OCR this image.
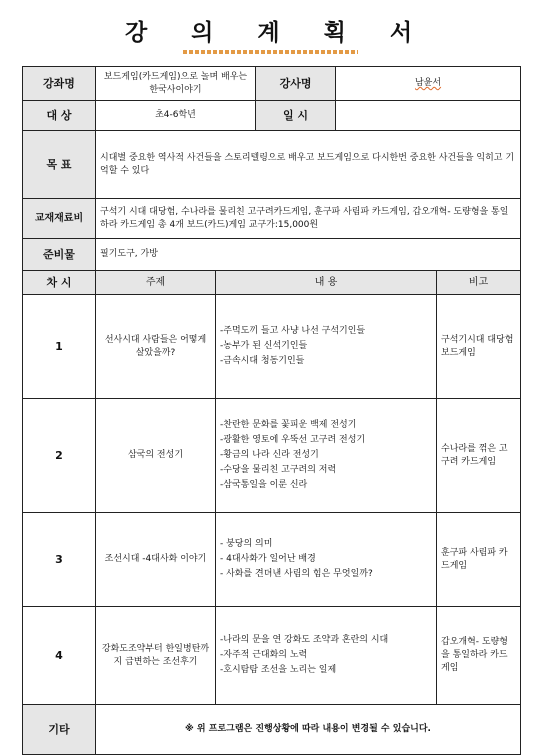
강 의 계 획 서
강좌명	보드게임(카드게임)으로 놀며 배우는 한국사이야기		강사명	남윤서	
대 상	초4-6학년		일 시		
목 표	시대별 중요한 역사적 사건들을 스토리텔링으로 배우고 보드게임으로 다시한번 중요한 사건들을 익히고 기억할 수 있다				
교재재료비	구석기 시대 대당험, 수나라를 물리친 고구려카드게임, 훈구파 사림파 카드게임, 갑오개혁- 도량형을 통일하라 카드게임 총 4개 보드(카드)게임 교구가:15,000원				
준비물	필기도구, 가방				
차 시	주제	내 용			비고
1	선사시대 사람들은 어떻게 살았을까?	-주먹도끼 들고 사냥 나선 구석기인들
-농부가 된 신석기인들
-금속시대 청동기인들			구석기시대 대당험 보드게임
2	삼국의 전성기	-찬란한 문화를 꽃피운 백제 전성기
-광활한 영토에 우뚝선 고구려 전성기
-황금의 나라 신라 전성기
-수당을 물리친 고구려의 저력
-삼국통일을 이룬 신라			수나라를 꺾은 고구려 카드게임
3	조선시대 -4대사화 이야기	- 붕당의 의미
- 4대사화가 일어난 배경
- 사화를 견뎌낸 사림의 힘은 무엇일까?			훈구파 사림파 카드게임
4	강화도조약부터 한일병탄까지 급변하는 조선후기	-나라의 문을 연 강화도 조약과 혼란의 시대
-자주적 근대화의 노력
-호시탐탐 조선을 노리는 일제			갑오개혁- 도량형을 통일하라 카드게임
기타	※ 위 프로그램은 진행상황에 따라 내용이 변경될 수 있습니다.				
